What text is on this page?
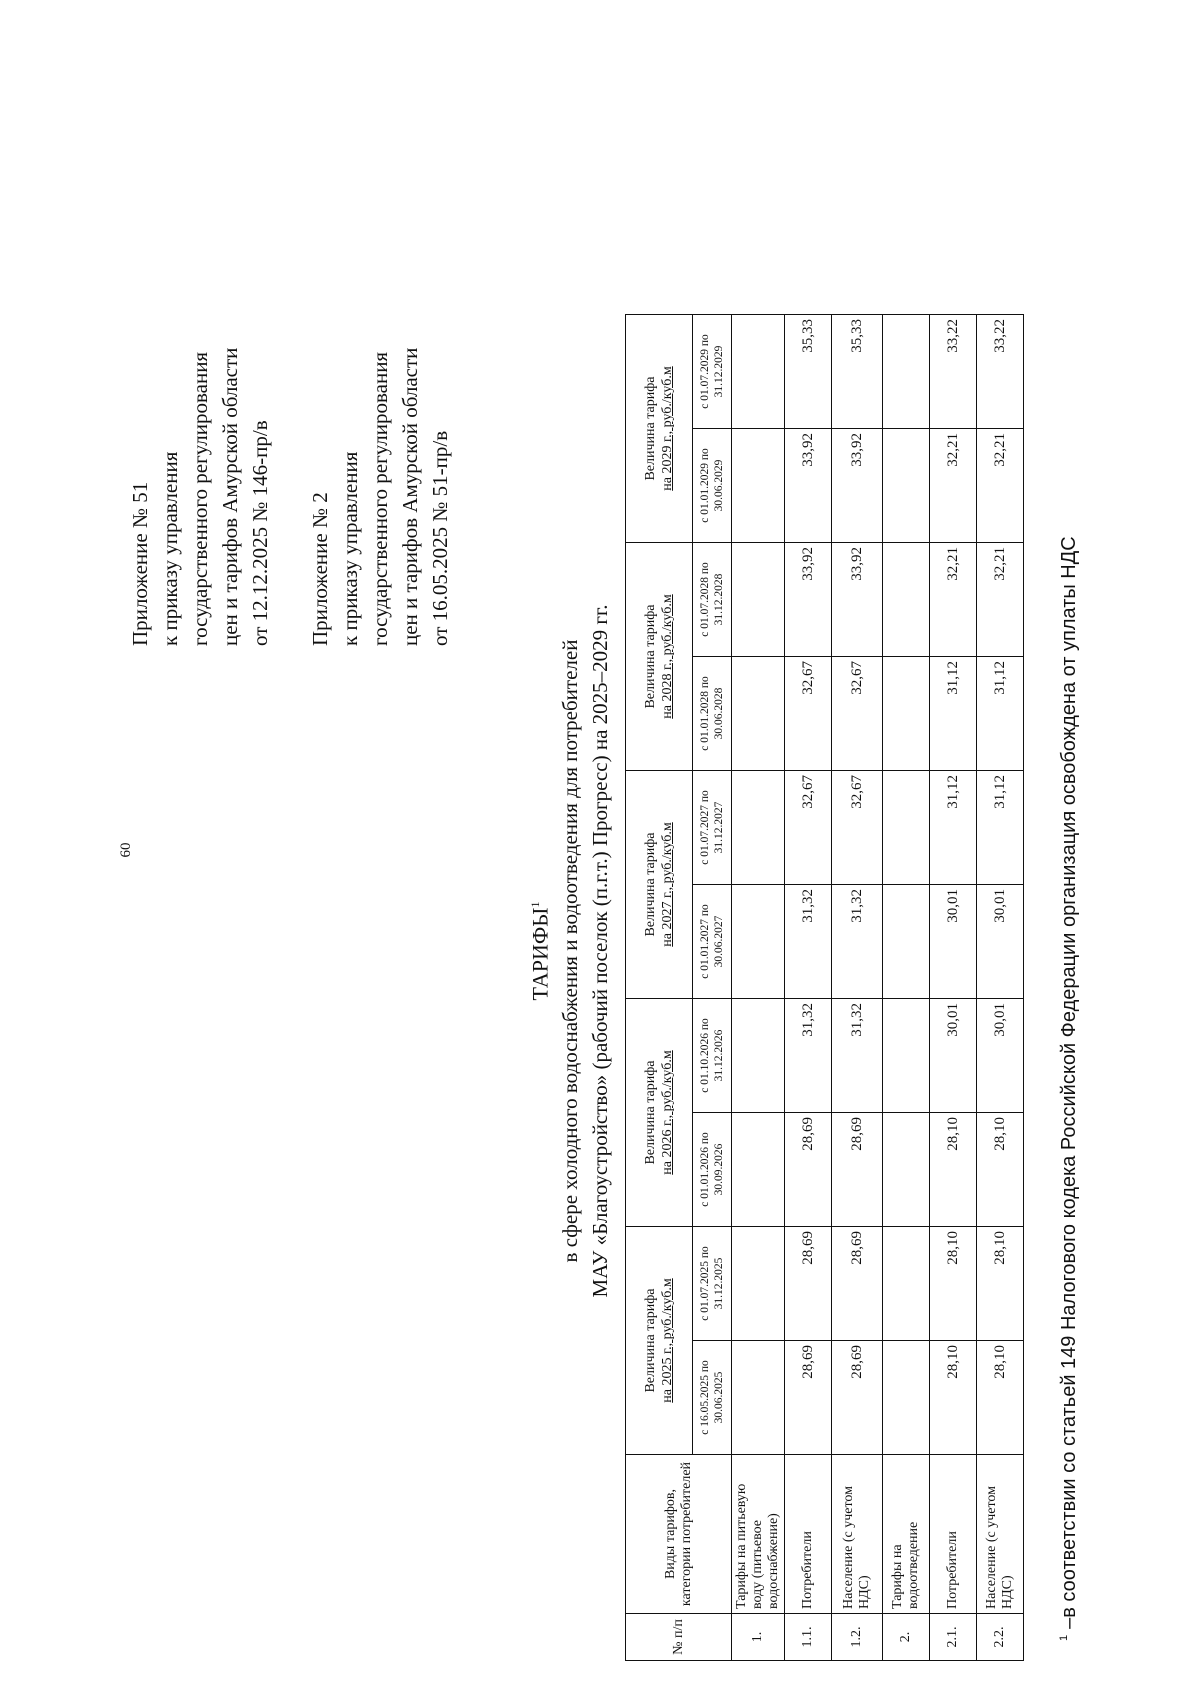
60
Приложение № 51 к приказу управления государственного регулирования цен и тарифов Амурской области от 12.12.2025 № 146-пр/в Приложение № 2 к приказу управления государственного регулирования цен и тарифов Амурской области от 16.05.2025 № 51-пр/в
ТАРИФЫ$^1$ в сфере холодного водоснабжения и водоотведения для потребителей МАУ «Благоустройство» (рабочий поселок (п.г.т.) Прогресс) на 2025–2029 гг.
№ п/п	Виды тарифов, категории потребителей	Величина тарифа на 2025 г., руб./куб.м		Величина тарифа на 2026 г., руб./куб.м		Величина тарифа на 2027 г., руб./куб.м		Величина тарифа на 2028 г., руб./куб.м		Величина тарифа на 2029 г., руб./куб.м	
		с 16.05.2025 по 30.06.2025	с 01.07.2025 по 31.12.2025	с 01.01.2026 по 30.09.2026	с 01.10.2026 по 31.12.2026	с 01.01.2027 по 30.06.2027	с 01.07.2027 по 31.12.2027	с 01.01.2028 по 30.06.2028	с 01.07.2028 по 31.12.2028	с 01.01.2029 по 30.06.2029	с 01.07.2029 по 31.12.2029
1.	Тарифы на питьевую воду (питьевое водоснабжение)										
1.1.	Потребители	28,69	28,69	28,69	31,32	31,32	32,67	32,67	33,92	33,92	35,33
1.2.	Население (с учетом НДС)	28,69	28,69	28,69	31,32	31,32	32,67	32,67	33,92	33,92	35,33
2.	Тарифы на водоотведение										
2.1.	Потребители	28,10	28,10	28,10	30,01	30,01	31,12	31,12	32,21	32,21	33,22
2.2.	Население (с учетом НДС)	28,10	28,10	28,10	30,01	30,01	31,12	31,12	32,21	32,21	33,22
$^1$–в соответствии со статьей 149 Налогового кодека Российской Федерации организация освобождена от уплаты НДС
